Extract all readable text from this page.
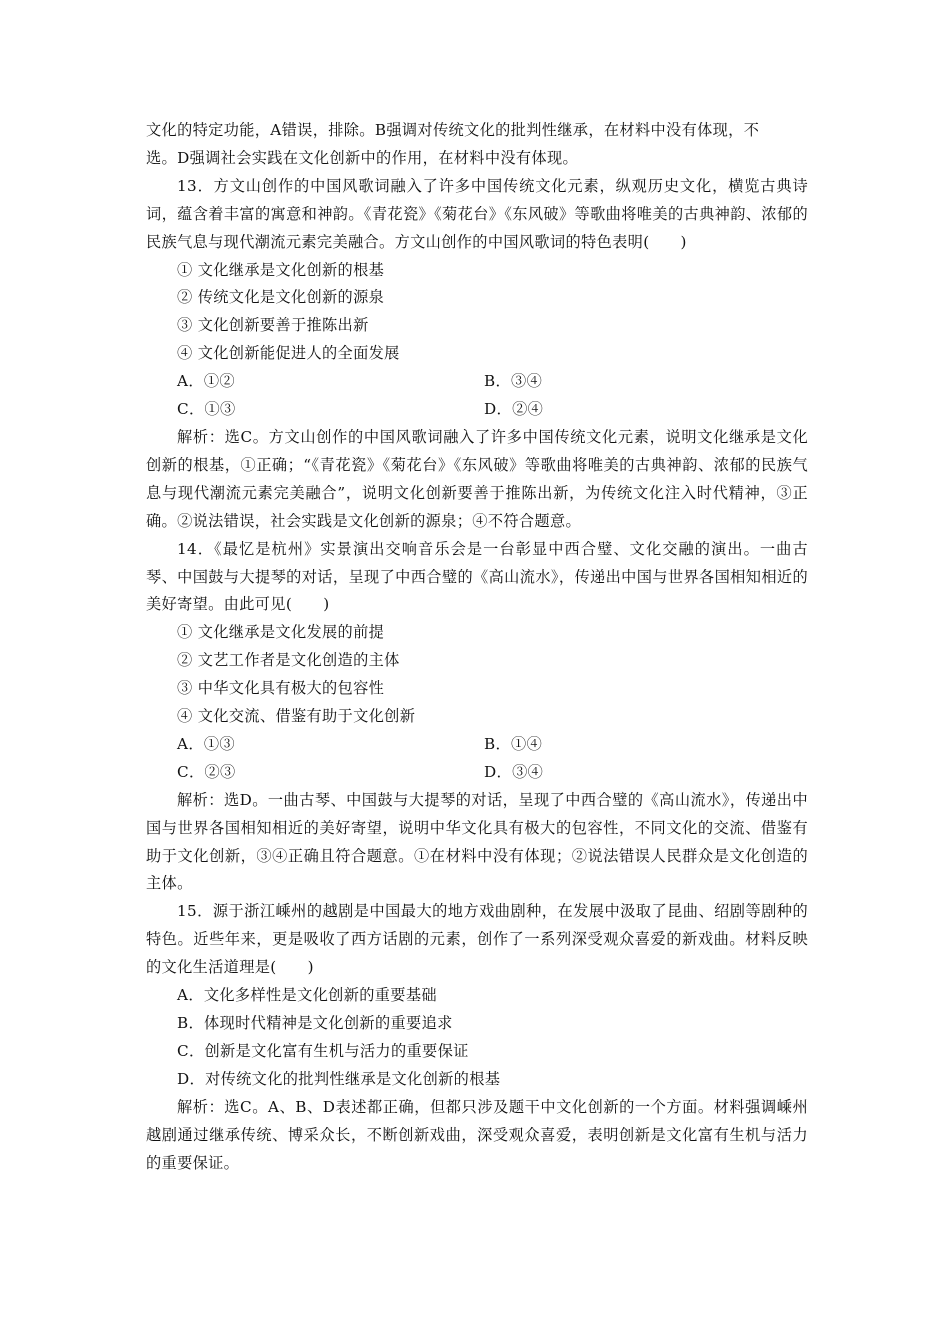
文化的特定功能，A错误，排除。B强调对传统文化的批判性继承，在材料中没有体现，不

选。D强调社会实践在文化创新中的作用，在材料中没有体现。

13．方文山创作的中国风歌词融入了许多中国传统文化元素，纵观历史文化，横览古典诗词，蕴含着丰富的寓意和神韵。《青花瓷》《菊花台》《东风破》等歌曲将唯美的古典神韵、浓郁的民族气息与现代潮流元素完美融合。方文山创作的中国风歌词的特色表明(　　)

① 文化继承是文化创新的根基

② 传统文化是文化创新的源泉

③ 文化创新要善于推陈出新

④ 文化创新能促进人的全面发展

A．①②	B．③④
C．①③	D．②④

解析：选C。方文山创作的中国风歌词融入了许多中国传统文化元素，说明文化继承是文化创新的根基，①正确；“《青花瓷》《菊花台》《东风破》等歌曲将唯美的古典神韵、浓郁的民族气息与现代潮流元素完美融合”，说明文化创新要善于推陈出新，为传统文化注入时代精神，③正确。②说法错误，社会实践是文化创新的源泉；④不符合题意。

14．《最忆是杭州》实景演出交响音乐会是一台彰显中西合璧、文化交融的演出。一曲古琴、中国鼓与大提琴的对话，呈现了中西合璧的《高山流水》，传递出中国与世界各国相知相近的美好寄望。由此可见(　　)

① 文化继承是文化发展的前提

② 文艺工作者是文化创造的主体

③ 中华文化具有极大的包容性

④ 文化交流、借鉴有助于文化创新

A．①③	B．①④
C．②③	D．③④

解析：选D。一曲古琴、中国鼓与大提琴的对话，呈现了中西合璧的《高山流水》，传递出中国与世界各国相知相近的美好寄望，说明中华文化具有极大的包容性，不同文化的交流、借鉴有助于文化创新，③④正确且符合题意。①在材料中没有体现；②说法错误人民群众是文化创造的主体。

15．源于浙江嵊州的越剧是中国最大的地方戏曲剧种，在发展中汲取了昆曲、绍剧等剧种的特色。近些年来，更是吸收了西方话剧的元素，创作了一系列深受观众喜爱的新戏曲。材料反映的文化生活道理是(　　)

A．文化多样性是文化创新的重要基础

B．体现时代精神是文化创新的重要追求

C．创新是文化富有生机与活力的重要保证

D．对传统文化的批判性继承是文化创新的根基

解析：选C。A、B、D表述都正确，但都只涉及题干中文化创新的一个方面。材料强调嵊州越剧通过继承传统、博采众长，不断创新戏曲，深受观众喜爱，表明创新是文化富有生机与活力的重要保证。
